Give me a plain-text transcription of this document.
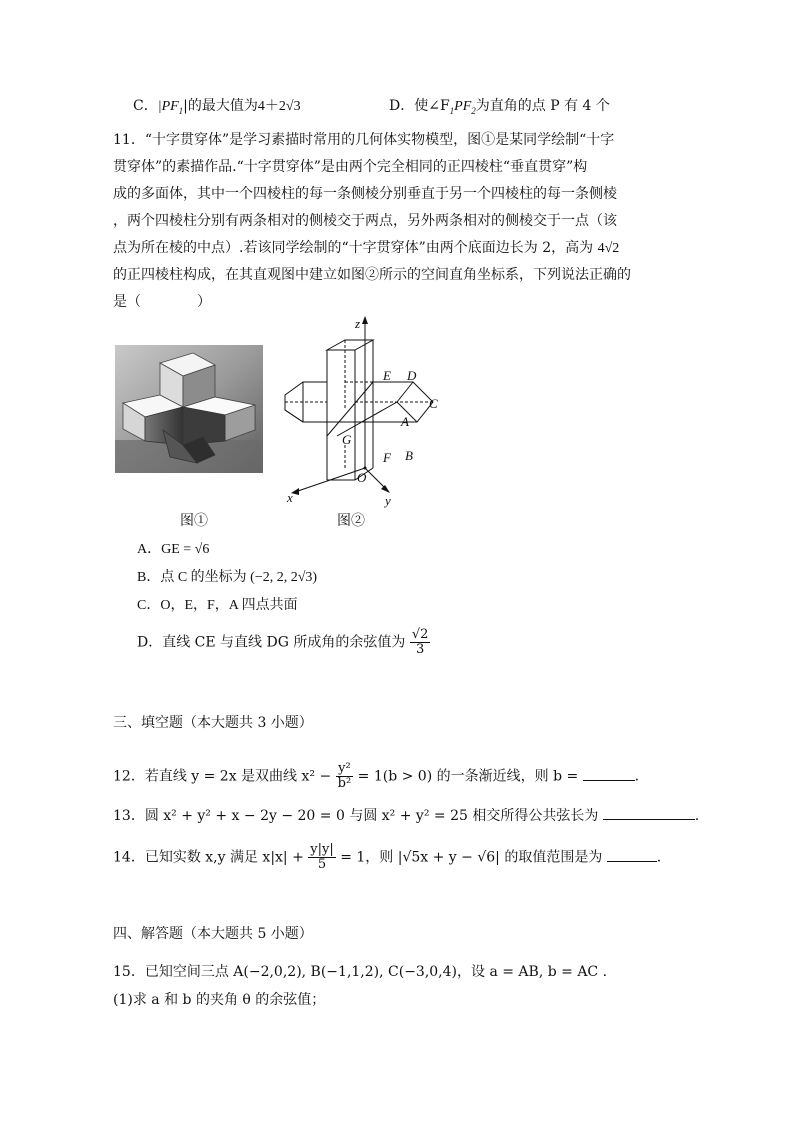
C．$|PF_1|$的最大值为4＋2√3	D．使$\angle F_1PF_2$为直角的点 P 有 4 个
11．“十字贯穿体”是学习素描时常用的几何体实物模型，图①是某同学绘制“十字
贯穿体”的素描作品.“十字贯穿体”是由两个完全相同的正四棱柱“垂直贯穿”构
成的多面体，其中一个四棱柱的每一条侧棱分别垂直于另一个四棱柱的每一条侧棱
，两个四棱柱分别有两条相对的侧棱交于两点，另外两条相对的侧棱交于一点（该
点为所在棱的中点）.若该同学绘制的“十字贯穿体”由两个底面边长为 2，高为 4√2
的正四棱柱构成，在其直观图中建立如图②所示的空间直角坐标系，下列说法正确的
是（　　　　）
图①
z
x	y
E D
C
A
G
F B
O
图②
A．GE = √6
B．点 C 的坐标为 (−2, 2, 2√3)
C．O，E，F，A 四点共面
D．直线 CE 与直线 DG 所成角的余弦值为 $\frac{√2}{3}$
三、填空题（本大题共 3 小题）
12．若直线 y = 2x 是双曲线 $x^2 - \frac{\text{y²}}{\text{b²}} = 1(b > 0)$ 的一条渐近线，则 b =	.
13．圆 x² + y² + x − 2y − 20 = 0 与圆 x² + y² = 25 相交所得公共弦长为	.
14．已知实数 x,y 满足 $x|x| + \frac{y|y|}{5} = 1$，则 |√5x + y − √6| 的取值范围是为	.
四、解答题（本大题共 5 小题）
15．已知空间三点 A(−2,0,2), B(−1,1,2), C(−3,0,4)，设 a = AB, b = AC .
(1)求 a 和 b 的夹角 θ 的余弦值；
